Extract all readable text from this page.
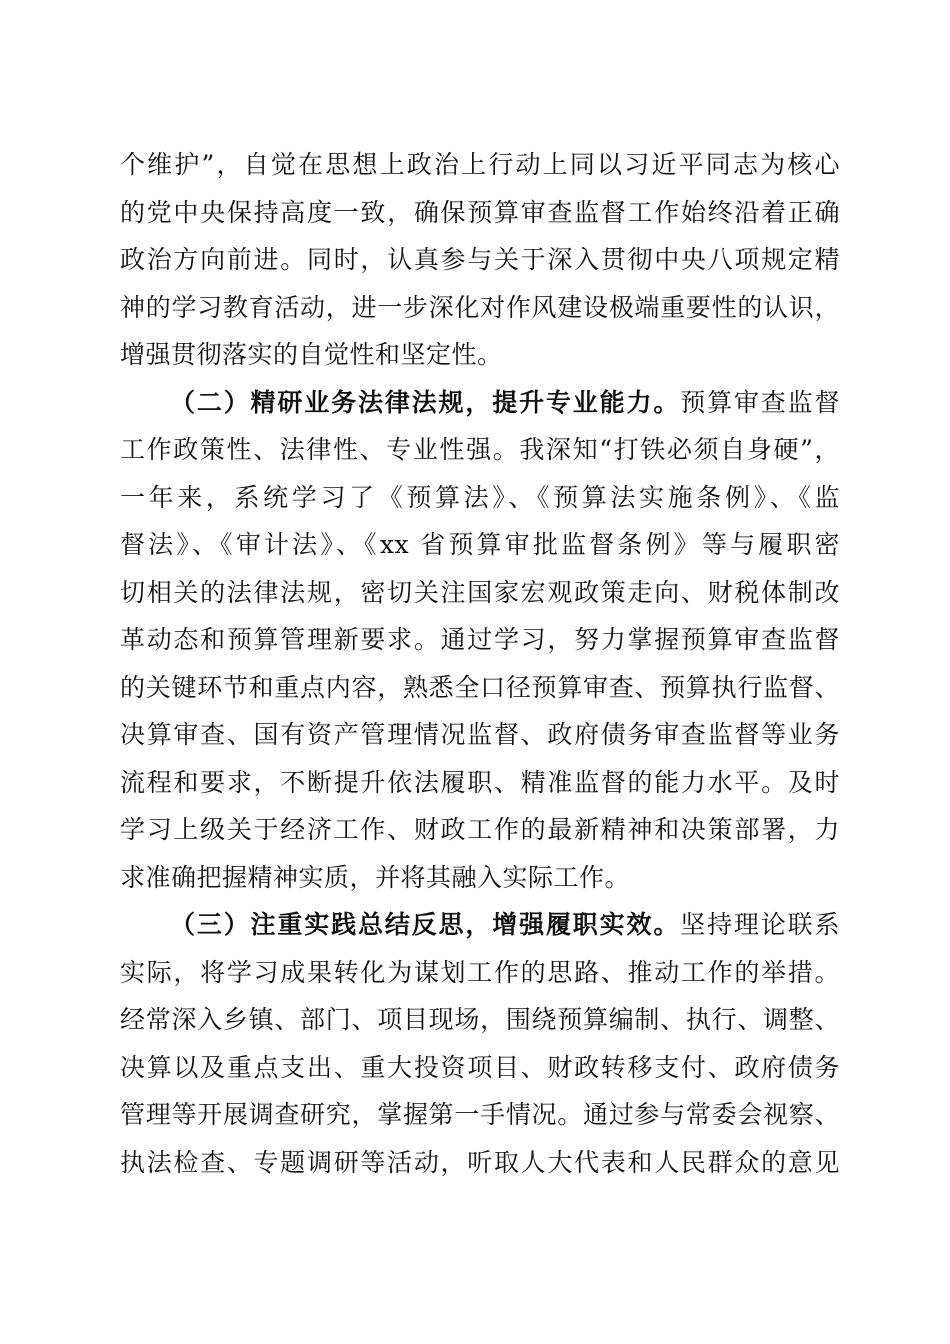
个维护”，自觉在思想上政治上行动上同以习近平同志为核心
的党中央保持高度一致，确保预算审查监督工作始终沿着正确
政治方向前进。同时，认真参与关于深入贯彻中央八项规定精
神的学习教育活动，进一步深化对作风建设极端重要性的认识，
增强贯彻落实的自觉性和坚定性。
（二）精研业务法律法规，提升专业能力。预算审查监督
工作政策性、法律性、专业性强。我深知“打铁必须自身硬”，
一年来，系统学习了《预算法》、《预算法实施条例》、《监
督法》、《审计法》、《xx 省预算审批监督条例》等与履职密
切相关的法律法规，密切关注国家宏观政策走向、财税体制改
革动态和预算管理新要求。通过学习，努力掌握预算审查监督
的关键环节和重点内容，熟悉全口径预算审查、预算执行监督、
决算审查、国有资产管理情况监督、政府债务审查监督等业务
流程和要求，不断提升依法履职、精准监督的能力水平。及时
学习上级关于经济工作、财政工作的最新精神和决策部署，力
求准确把握精神实质，并将其融入实际工作。
（三）注重实践总结反思，增强履职实效。坚持理论联系
实际，将学习成果转化为谋划工作的思路、推动工作的举措。
经常深入乡镇、部门、项目现场，围绕预算编制、执行、调整、
决算以及重点支出、重大投资项目、财政转移支付、政府债务
管理等开展调查研究，掌握第一手情况。通过参与常委会视察、
执法检查、专题调研等活动，听取人大代表和人民群众的意见
